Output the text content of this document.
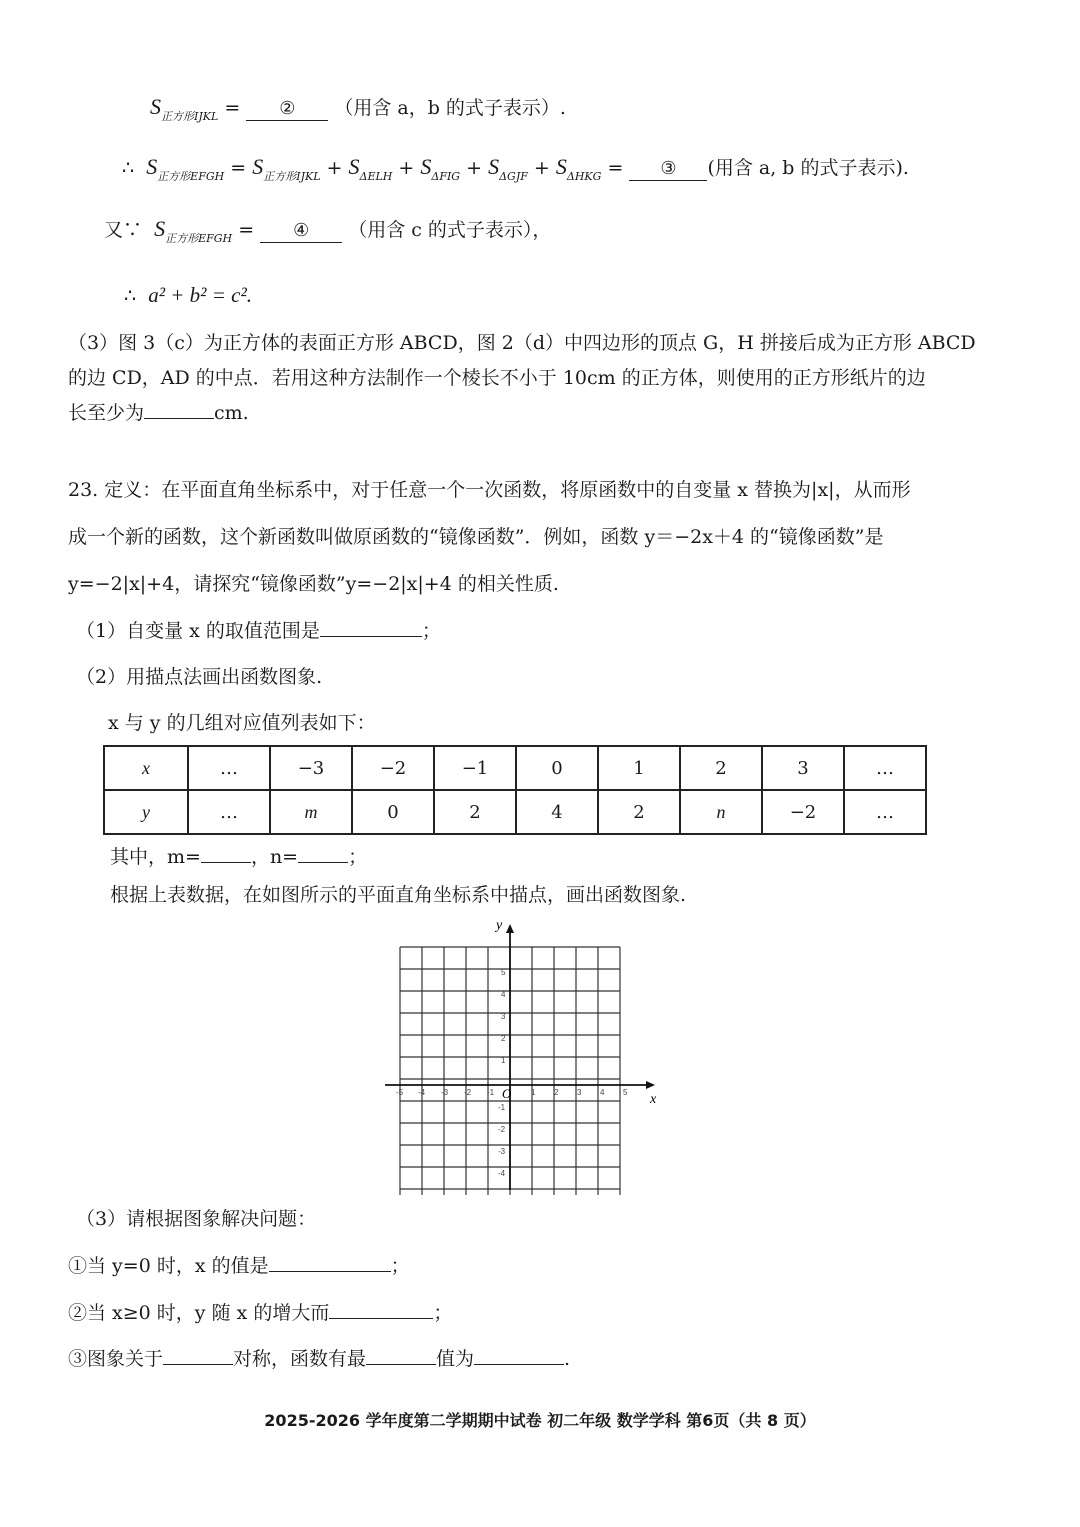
$S_{正方形IJKL}$ = ② （用含 a，b 的式子表示）.
∴ $S_{正方形EFGH} = S_{正方形IJKL} + S_{\Delta ELH} + S_{\Delta FIG} + S_{\Delta GJF} + S_{\Delta HKG}$ = ③ (用含 a, b 的式子表示).
又∵ $S_{正方形EFGH}$ = ④ （用含 c 的式子表示），
∴ a² + b² = c².
（3）图 3（c）为正方体的表面正方形 ABCD，图 2（d）中四边形的顶点 G，H 拼接后成为正方形 ABCD
的边 CD，AD 的中点．若用这种方法制作一个棱长不小于 10cm 的正方体，则使用的正方形纸片的边
长至少为	cm.
23. 定义：在平面直角坐标系中，对于任意一个一次函数，将原函数中的自变量 x 替换为|x|，从而形
成一个新的函数，这个新函数叫做原函数的“镜像函数”．例如，函数 y＝−2x＋4 的“镜像函数”是
y=−2|x|+4，请探究“镜像函数”y=−2|x|+4 的相关性质.
（1）自变量 x 的取值范围是	；
（2）用描点法画出函数图象.
x 与 y 的几组对应值列表如下：
x	…	−3	−2	−1	0	1	2	3	…
y	…	m	0	2	4	2	n	−2	…
其中，m=	，n=	；
根据上表数据，在如图所示的平面直角坐标系中描点，画出函数图象.
x
y
O
-5 -4 -3 -2 -1	1 2 3 4 5
5
4
3
2
1
-1
-2
-3
-4
（3）请根据图象解决问题：
①当 y=0 时，x 的值是	；
②当 x≥0 时，y 随 x 的增大而	；
③图象关于	对称，函数有最	值为	.
2025-2026 学年度第二学期期中试卷 初二年级 数学学科 第6页（共 8 页）
